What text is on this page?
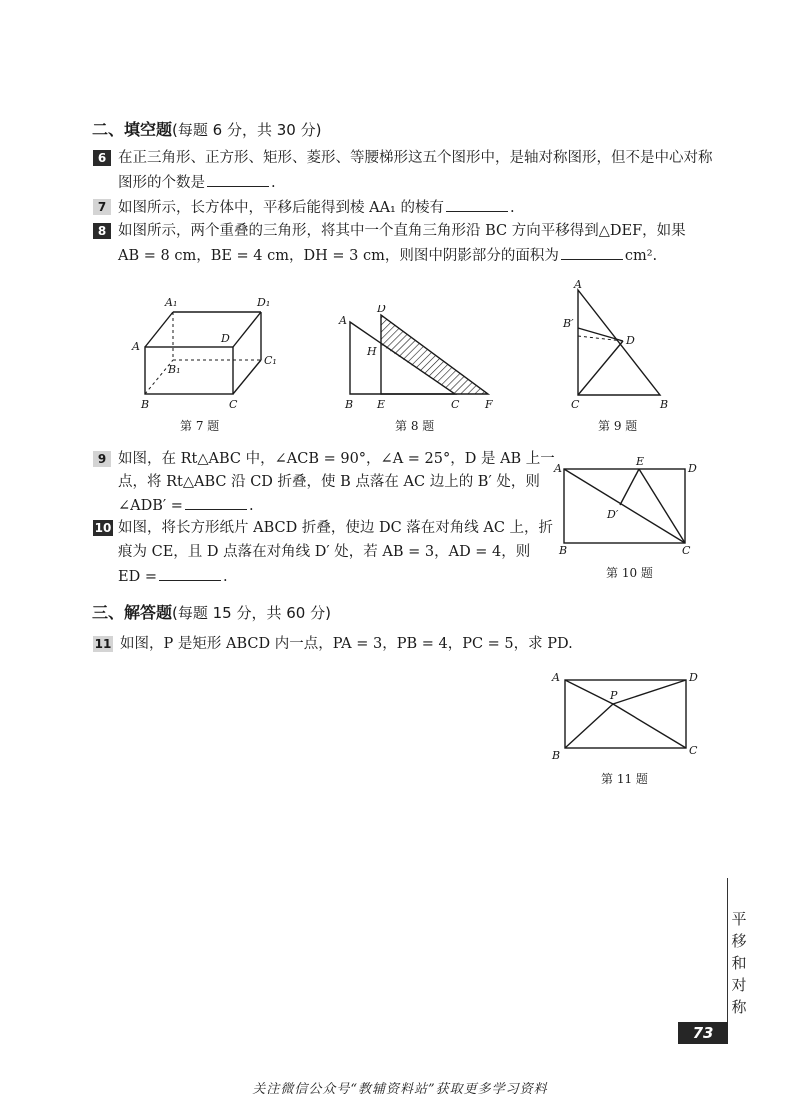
二、填空题(每题 6 分，共 30 分)
6 在正三角形、正方形、矩形、菱形、等腰梯形这五个图形中，是轴对称图形，但不是中心对称
图形的个数是	.
7 如图所示，长方体中，平移后能得到棱 AA₁ 的棱有	.
8 如图所示，两个重叠的三角形，将其中一个直角三角形沿 BC 方向平移得到△DEF，如果
AB = 8 cm，BE = 4 cm，DH = 3 cm，则图中阴影部分的面积为	cm².
A₁	D₁
D
A
C₁
B₁
B	C
第 7 题
A
D
H
B E	C F
第 8 题
A
B′
D
C	B
第 9 题
9 如图，在 Rt△ABC 中，∠ACB = 90°，∠A = 25°，D 是 AB 上一
点，将 Rt△ABC 沿 CD 折叠，使 B 点落在 AC 边上的 B′ 处，则
∠ADB′ =	.
10 如图，将长方形纸片 ABCD 折叠，使边 DC 落在对角线 AC 上，折
痕为 CE，且 D 点落在对角线 D′ 处，若 AB = 3，AD = 4，则
ED =	.
A
E
D
D′
B	C
第 10 题
三、解答题(每题 15 分，共 60 分)
11 如图，P 是矩形 ABCD 内一点，PA = 3，PB = 4，PC = 5，求 PD.
A
P
D
B	C
第 11 题
平
移
和
对
称
73
关注微信公众号“教辅资料站”获取更多学习资料
